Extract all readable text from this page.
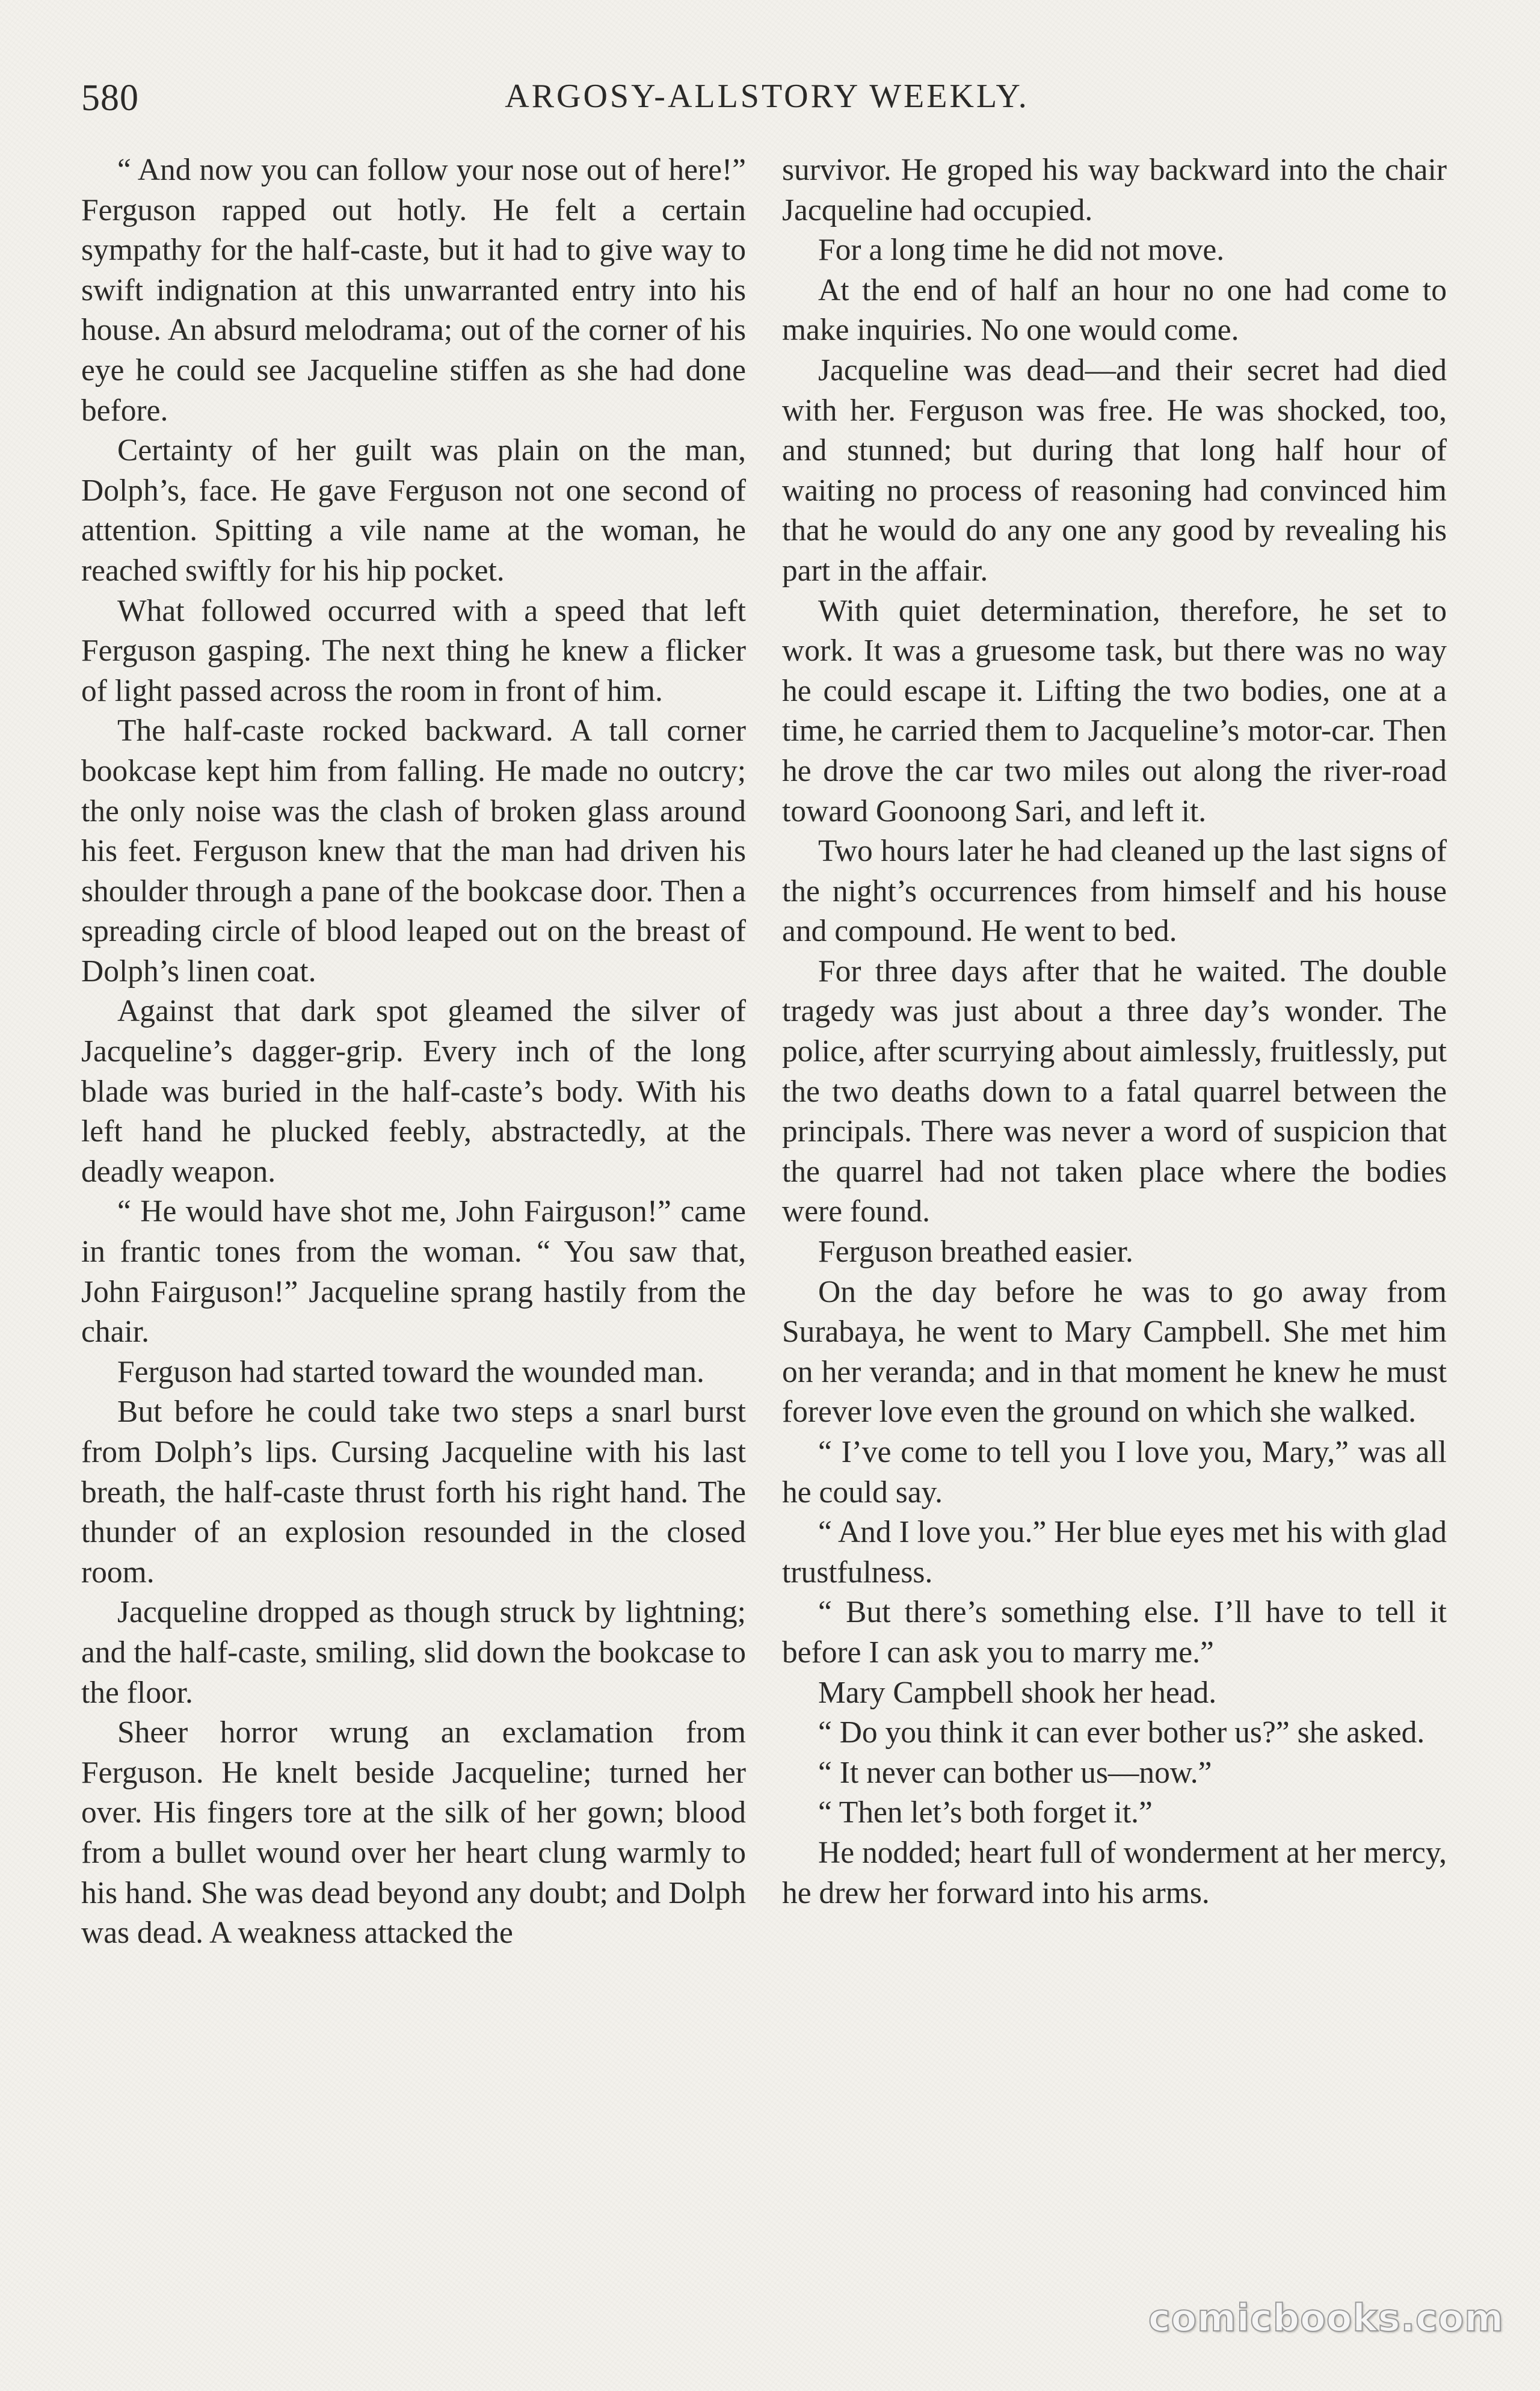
580	ARGOSY-ALLSTORY WEEKLY.

“ And now you can follow your nose out of here!” Ferguson rapped out hotly. He felt a certain sympathy for the half-caste, but it had to give way to swift indignation at this unwarranted entry into his house. An absurd melodrama; out of the corner of his eye he could see Jacqueline stiffen as she had done before.

Certainty of her guilt was plain on the man, Dolph’s, face. He gave Ferguson not one second of attention. Spitting a vile name at the woman, he reached swiftly for his hip pocket.

What followed occurred with a speed that left Ferguson gasping. The next thing he knew a flicker of light passed across the room in front of him.

The half-caste rocked backward. A tall corner bookcase kept him from falling. He made no outcry; the only noise was the clash of broken glass around his feet. Ferguson knew that the man had driven his shoulder through a pane of the bookcase door. Then a spreading circle of blood leaped out on the breast of Dolph’s linen coat.

Against that dark spot gleamed the silver of Jacqueline’s dagger-grip. Every inch of the long blade was buried in the half-caste’s body. With his left hand he plucked feebly, abstractedly, at the deadly weapon.

“ He would have shot me, John Fairguson!” came in frantic tones from the woman. “ You saw that, John Fairguson!” Jacqueline sprang hastily from the chair.

Ferguson had started toward the wounded man.

But before he could take two steps a snarl burst from Dolph’s lips. Cursing Jacqueline with his last breath, the half-caste thrust forth his right hand. The thunder of an explosion resounded in the closed room.

Jacqueline dropped as though struck by lightning; and the half-caste, smiling, slid down the bookcase to the floor.

Sheer horror wrung an exclamation from Ferguson. He knelt beside Jacqueline; turned her over. His fingers tore at the silk of her gown; blood from a bullet wound over her heart clung warmly to his hand. She was dead beyond any doubt; and Dolph was dead. A weakness attacked the

survivor. He groped his way backward into the chair Jacqueline had occupied.

For a long time he did not move.

At the end of half an hour no one had come to make inquiries. No one would come.

Jacqueline was dead—and their secret had died with her. Ferguson was free. He was shocked, too, and stunned; but during that long half hour of waiting no process of reasoning had convinced him that he would do any one any good by revealing his part in the affair.

With quiet determination, therefore, he set to work. It was a gruesome task, but there was no way he could escape it. Lifting the two bodies, one at a time, he carried them to Jacqueline’s motor-car. Then he drove the car two miles out along the river-road toward Goonoong Sari, and left it.

Two hours later he had cleaned up the last signs of the night’s occurrences from himself and his house and compound. He went to bed.

For three days after that he waited. The double tragedy was just about a three day’s wonder. The police, after scurrying about aimlessly, fruitlessly, put the two deaths down to a fatal quarrel between the principals. There was never a word of suspicion that the quarrel had not taken place where the bodies were found.

Ferguson breathed easier.

On the day before he was to go away from Surabaya, he went to Mary Campbell. She met him on her veranda; and in that moment he knew he must forever love even the ground on which she walked.

“ I’ve come to tell you I love you, Mary,” was all he could say.

“ And I love you.” Her blue eyes met his with glad trustfulness.

“ But there’s something else. I’ll have to tell it before I can ask you to marry me.”

Mary Campbell shook her head.

“ Do you think it can ever bother us?” she asked.

“ It never can bother us—now.”

“ Then let’s both forget it.”

He nodded; heart full of wonderment at her mercy, he drew her forward into his arms.

comicbooks.com
